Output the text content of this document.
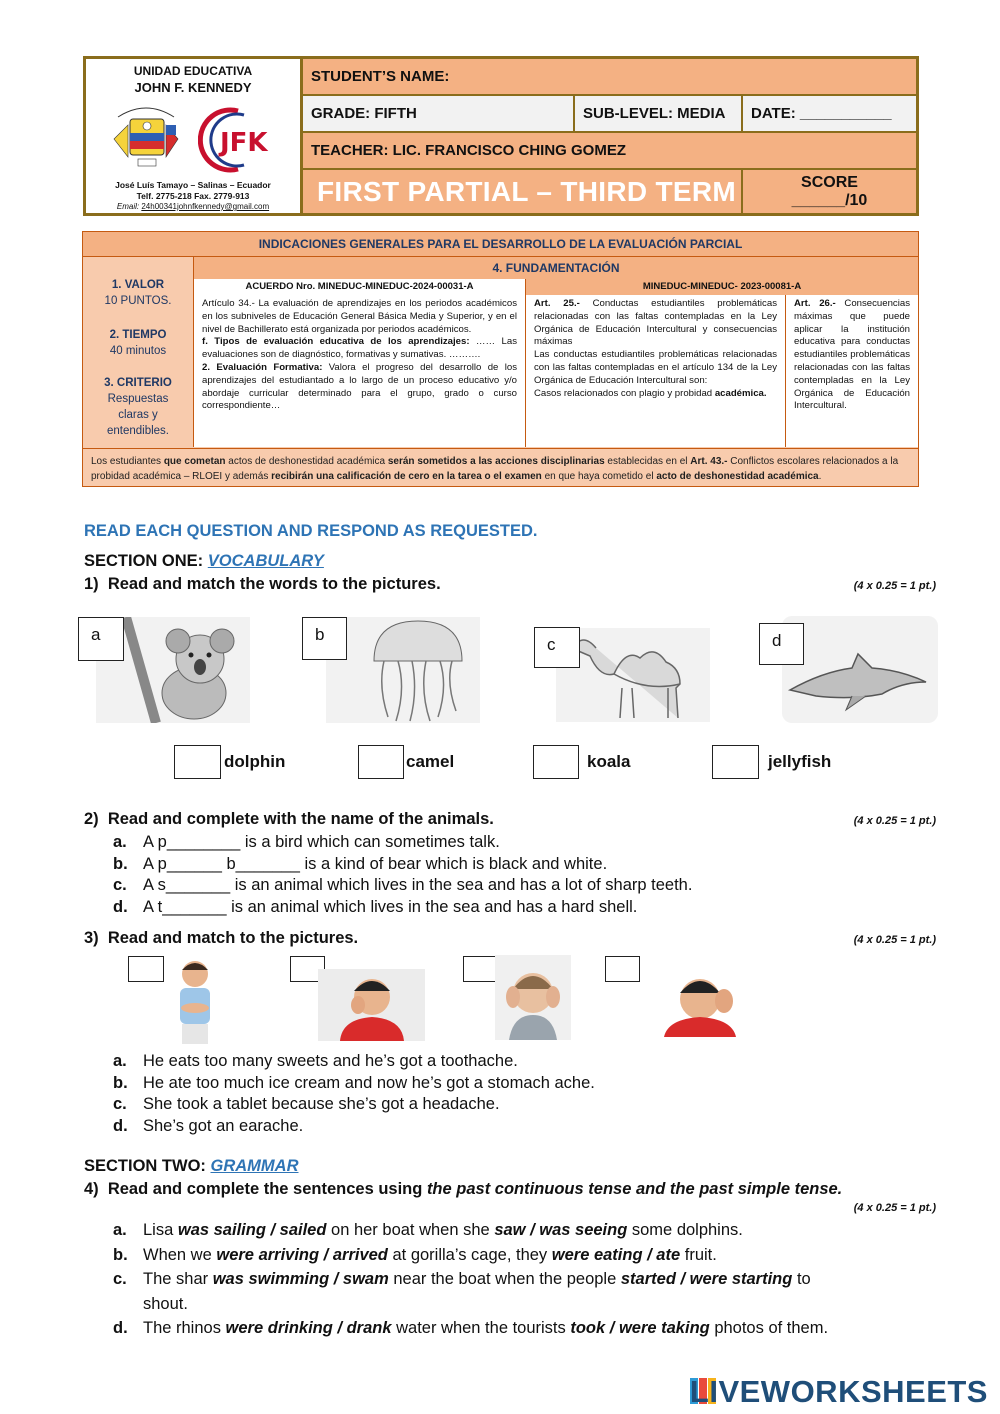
UNIDAD EDUCATIVA
JOHN F. KENNEDY
JFK
José Luís Tamayo – Salinas – Ecuador
Telf. 2775-218 Fax. 2779-913
Email: 24h00341johnfkennedy@gmail.com
STUDENT’S NAME:
GRADE: FIFTH	SUB-LEVEL: MEDIA	DATE: ___________
TEACHER: LIC. FRANCISCO CHING GOMEZ
FIRST PARTIAL – THIRD TERM	SCORE
______/10
INDICACIONES GENERALES PARA EL DESARROLLO DE LA EVALUACIÓN PARCIAL
1. VALOR
10 PUNTOS.
2. TIEMPO
40 minutos
3. CRITERIO
Respuestas claras y entendibles.
4. FUNDAMENTACIÓN
ACUERDO Nro. MINEDUC-MINEDUC-2024-00031-A	MINEDUC-MINEDUC- 2023-00081-A
Artículo 34.- La evaluación de aprendizajes en los periodos académicos en los subniveles de Educación General Básica Media y Superior, y en el nivel de Bachillerato está organizada por periodos académicos.
f. Tipos de evaluación educativa de los aprendizajes: …… Las evaluaciones son de diagnóstico, formativas y sumativas. ……….
2. Evaluación Formativa: Valora el progreso del desarrollo de los aprendizajes del estudiantado a lo largo de un proceso educativo y/o abordaje curricular determinado para el grupo, grado o curso correspondiente…
Art. 25.- Conductas estudiantiles problemáticas relacionadas con las faltas contempladas en la Ley Orgánica de Educación Intercultural y consecuencias máximas
Las conductas estudiantiles problemáticas relacionadas con las faltas contempladas en el artículo 134 de la Ley Orgánica de Educación Intercultural son:
Casos relacionados con plagio y probidad académica.
Art. 26.- Consecuencias máximas que puede aplicar la institución educativa para conductas estudiantiles problemáticas relacionadas con las faltas contempladas en la Ley Orgánica de Educación Intercultural.
Los estudiantes que cometan actos de deshonestidad académica serán sometidos a las acciones disciplinarias establecidas en el Art. 43.- Conflictos escolares relacionados a la probidad académica – RLOEI y además recibirán una calificación de cero en la tarea o el examen en que haya cometido el acto de deshonestidad académica.
READ EACH QUESTION AND RESPOND AS REQUESTED.
SECTION ONE: VOCABULARY
1) Read and match the words to the pictures.	(4 x 0.25 = 1 pt.)
a	b
c	d
dolphin	camel	koala	jellyfish
2) Read and complete with the name of the animals.	(4 x 0.25 = 1 pt.)
a. A p________ is a bird which can sometimes talk.
b. A p______ b_______ is a kind of bear which is black and white.
c. A s_______ is an animal which lives in the sea and has a lot of sharp teeth.
d. A t_______ is an animal which lives in the sea and has a hard shell.
3) Read and match to the pictures.	(4 x 0.25 = 1 pt.)
a. He eats too many sweets and he’s got a toothache.
b. He ate too much ice cream and now he’s got a stomach ache.
c. She took a tablet because she’s got a headache.
d. She’s got an earache.
SECTION TWO: GRAMMAR
4) Read and complete the sentences using the past continuous tense and the past simple tense.
(4 x 0.25 = 1 pt.)
a. Lisa was sailing / sailed on her boat when she saw / was seeing some dolphins.
b. When we were arriving / arrived at gorilla’s cage, they were eating / ate fruit.
c. The shar was swimming / swam near the boat when the people started / were starting to
shout.
d. The rhinos were drinking / drank water when the tourists took / were taking photos of them.
LIVEWORKSHEETS
